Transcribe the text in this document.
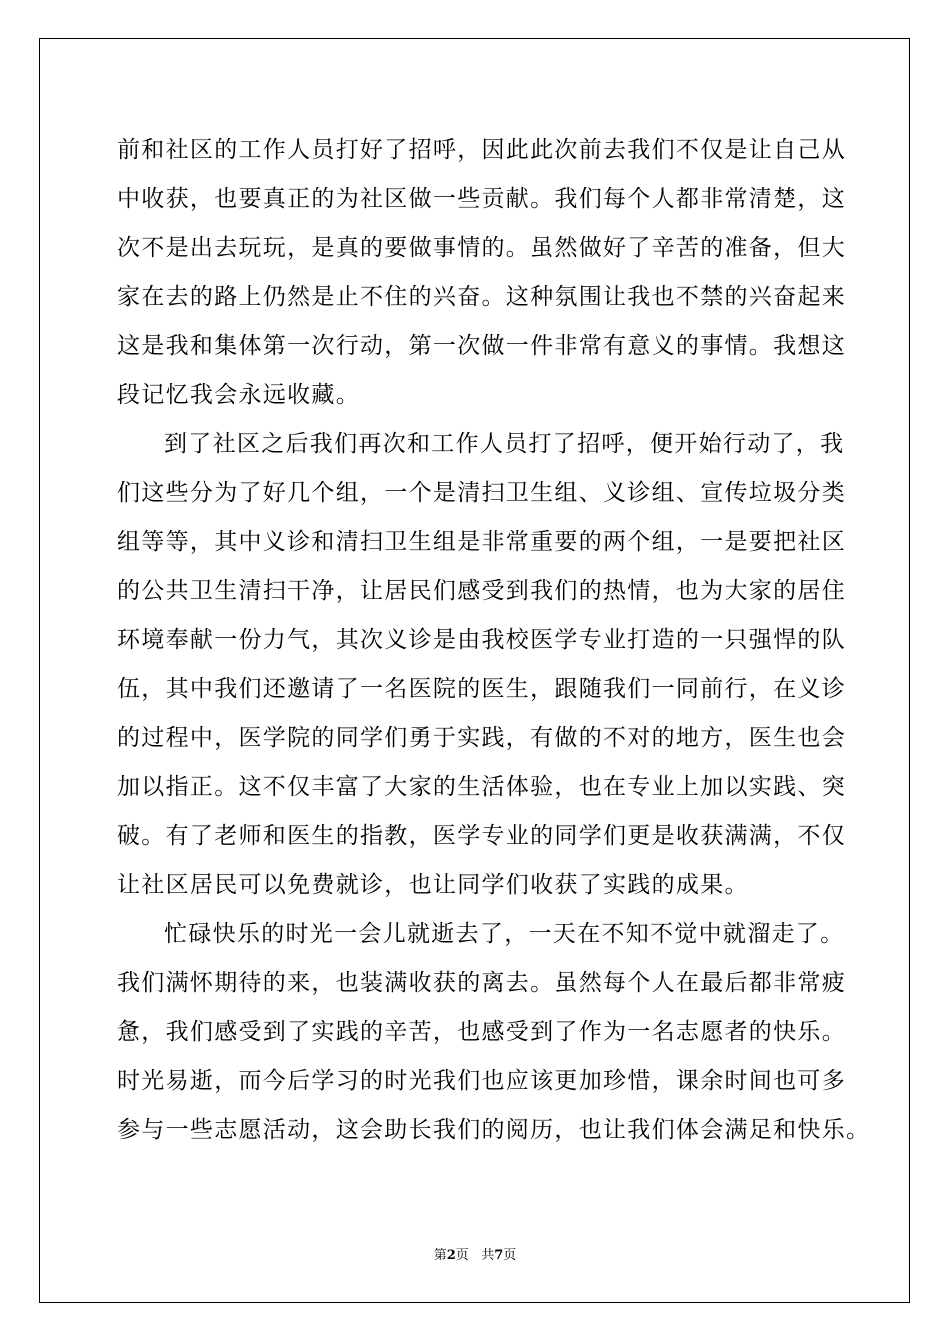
前和社区的工作人员打好了招呼，因此此次前去我们不仅是让自己从
中收获，也要真正的为社区做一些贡献。我们每个人都非常清楚，这
次不是出去玩玩，是真的要做事情的。虽然做好了辛苦的准备，但大
家在去的路上仍然是止不住的兴奋。这种氛围让我也不禁的兴奋起来
这是我和集体第一次行动，第一次做一件非常有意义的事情。我想这
段记忆我会永远收藏。
到了社区之后我们再次和工作人员打了招呼，便开始行动了，我
们这些分为了好几个组，一个是清扫卫生组、义诊组、宣传垃圾分类
组等等，其中义诊和清扫卫生组是非常重要的两个组，一是要把社区
的公共卫生清扫干净，让居民们感受到我们的热情，也为大家的居住
环境奉献一份力气，其次义诊是由我校医学专业打造的一只强悍的队
伍，其中我们还邀请了一名医院的医生，跟随我们一同前行，在义诊
的过程中，医学院的同学们勇于实践，有做的不对的地方，医生也会
加以指正。这不仅丰富了大家的生活体验，也在专业上加以实践、突
破。有了老师和医生的指教，医学专业的同学们更是收获满满，不仅
让社区居民可以免费就诊，也让同学们收获了实践的成果。
忙碌快乐的时光一会儿就逝去了，一天在不知不觉中就溜走了。
我们满怀期待的来，也装满收获的离去。虽然每个人在最后都非常疲
惫，我们感受到了实践的辛苦，也感受到了作为一名志愿者的快乐。
时光易逝，而今后学习的时光我们也应该更加珍惜，课余时间也可多
参与一些志愿活动，这会助长我们的阅历，也让我们体会满足和快乐。
第2页 共7页
